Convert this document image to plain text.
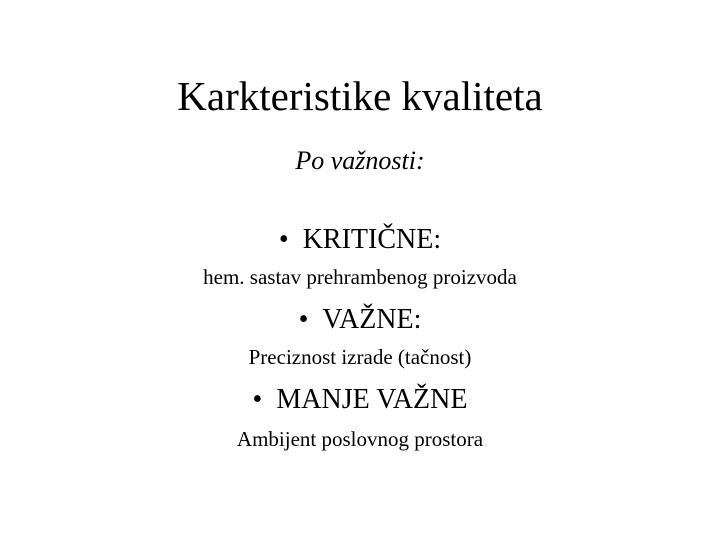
Karkteristike kvaliteta
Po važnosti:
• KRITIČNE:
hem. sastav prehrambenog proizvoda
• VAŽNE:
Preciznost izrade (tačnost)
• MANJE VAŽNE
Ambijent poslovnog prostora
